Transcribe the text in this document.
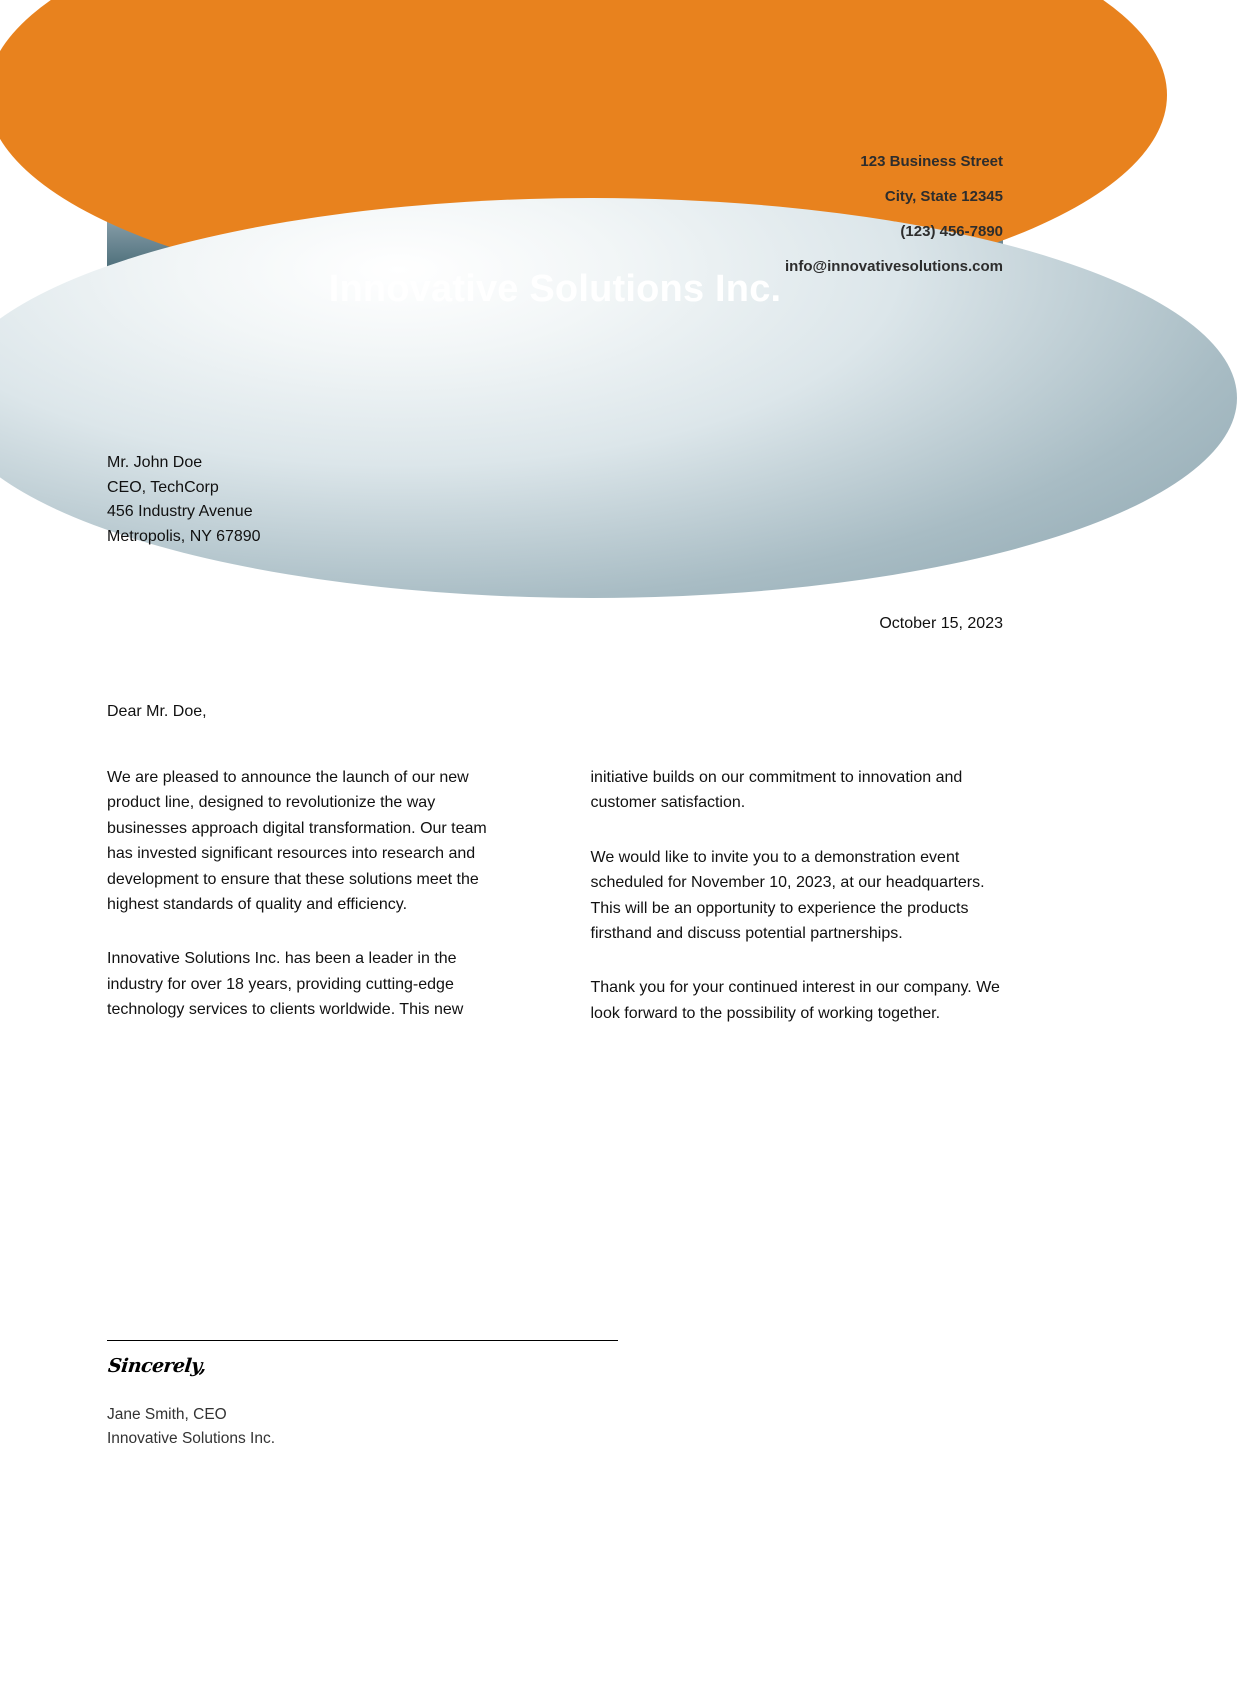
Innovative Solutions Inc.
123 Business Street
City, State 12345
(123) 456-7890
info@innovativesolutions.com
Mr. John Doe
CEO, TechCorp
456 Industry Avenue
Metropolis, NY 67890
October 15, 2023
Dear Mr. Doe,

We are pleased to announce the launch of our new product line, designed to revolutionize the way businesses approach digital transformation. Our team has invested significant resources into research and development to ensure that these solutions meet the highest standards of quality and efficiency.

Innovative Solutions Inc. has been a leader in the industry for over 18 years, providing cutting-edge technology services to clients worldwide. This new initiative builds on our commitment to innovation and customer satisfaction.

We would like to invite you to a demonstration event scheduled for November 10, 2023, at our headquarters. This will be an opportunity to experience the products firsthand and discuss potential partnerships.

Thank you for your continued interest in our company. We look forward to the possibility of working together.

Sincerely,
Jane Smith, CEO
Innovative Solutions Inc.
